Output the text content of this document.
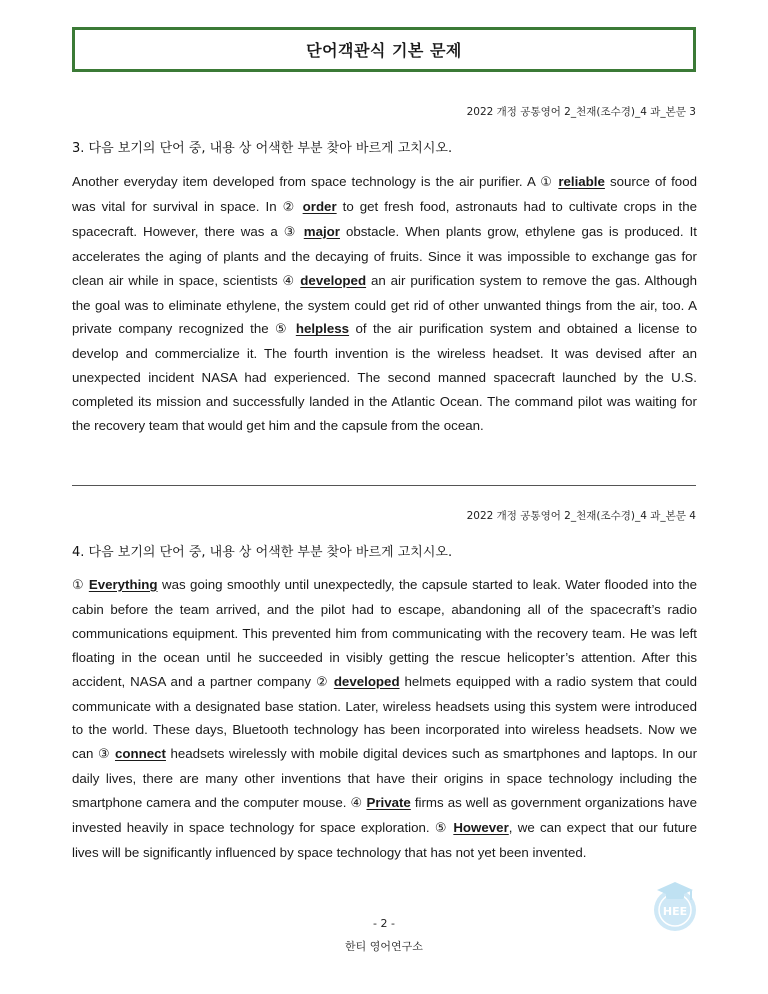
단어객관식 기본 문제
2022 개정 공통영어 2_천재(조수경)_4 과_본문 3
3. 다음 보기의 단어 중, 내용 상 어색한 부분 찾아 바르게 고치시오.
Another everyday item developed from space technology is the air purifier. A ① reliable source of food was vital for survival in space. In ② order to get fresh food, astronauts had to cultivate crops in the spacecraft. However, there was a ③ major obstacle. When plants grow, ethylene gas is produced. It accelerates the aging of plants and the decaying of fruits. Since it was impossible to exchange gas for clean air while in space, scientists ④ developed an air purification system to remove the gas. Although the goal was to eliminate ethylene, the system could get rid of other unwanted things from the air, too. A private company recognized the ⑤ helpless of the air purification system and obtained a license to develop and commercialize it. The fourth invention is the wireless headset. It was devised after an unexpected incident NASA had experienced. The second manned spacecraft launched by the U.S. completed its mission and successfully landed in the Atlantic Ocean. The command pilot was waiting for the recovery team that would get him and the capsule from the ocean.
2022 개정 공통영어 2_천재(조수경)_4 과_본문 4
4. 다음 보기의 단어 중, 내용 상 어색한 부분 찾아 바르게 고치시오.
① Everything was going smoothly until unexpectedly, the capsule started to leak. Water flooded into the cabin before the team arrived, and the pilot had to escape, abandoning all of the spacecraft’s radio communications equipment. This prevented him from communicating with the recovery team. He was left floating in the ocean until he succeeded in visibly getting the rescue helicopter’s attention. After this accident, NASA and a partner company ② developed helmets equipped with a radio system that could communicate with a designated base station. Later, wireless headsets using this system were introduced to the world. These days, Bluetooth technology has been incorporated into wireless headsets. Now we can ③ connect headsets wirelessly with mobile digital devices such as smartphones and laptops. In our daily lives, there are many other inventions that have their origins in space technology including the smartphone camera and the computer mouse. ④ Private firms as well as government organizations have invested heavily in space technology for space exploration. ⑤ However, we can expect that our future lives will be significantly influenced by space technology that has not yet been invented.
- 2 -
한티 영어연구소
HEE
